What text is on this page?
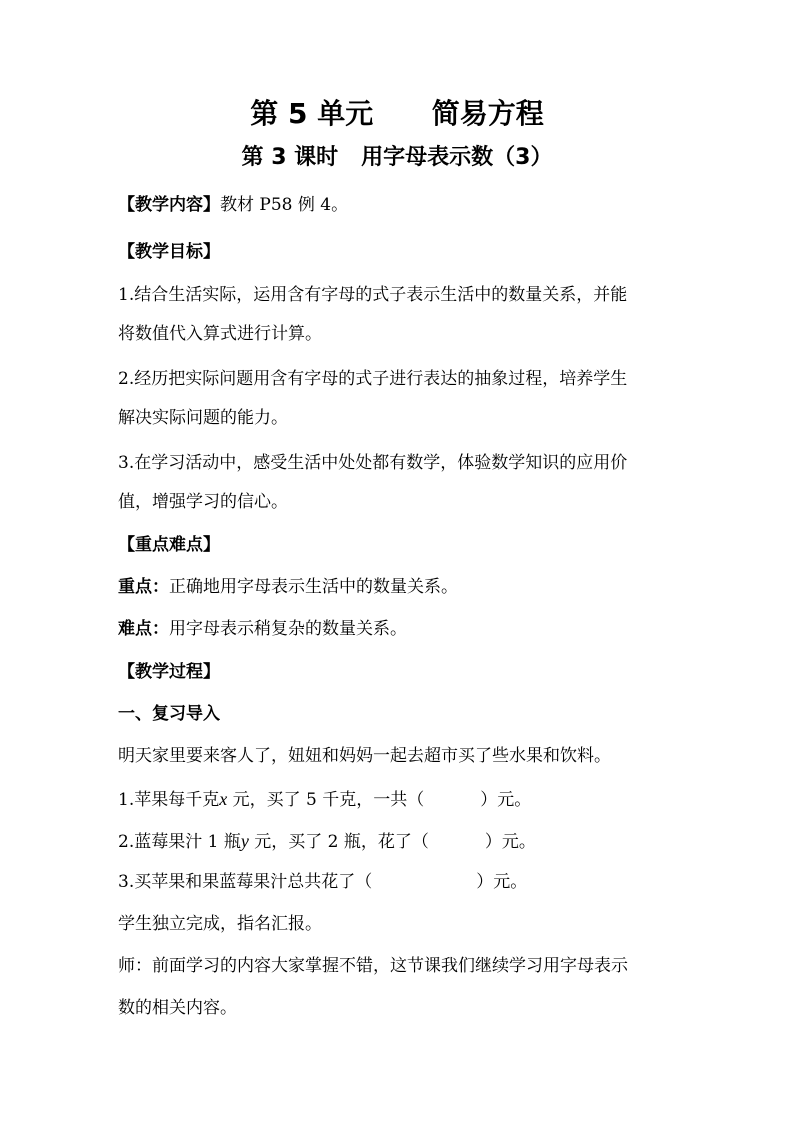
第 5 单元      简易方程
第 3 课时   用字母表示数（3）
【教学内容】教材 P58 例 4。
【教学目标】
1.结合生活实际，运用含有字母的式子表示生活中的数量关系，并能
将数值代入算式进行计算。
2.经历把实际问题用含有字母的式子进行表达的抽象过程，培养学生
解决实际问题的能力。
3.在学习活动中，感受生活中处处都有数学，体验数学知识的应用价
值，增强学习的信心。
【重点难点】
重点：正确地用字母表示生活中的数量关系。
难点：用字母表示稍复杂的数量关系。
【教学过程】
一、复习导入
明天家里要来客人了，妞妞和妈妈一起去超市买了些水果和饮料。
1.苹果每千克x 元，买了 5 千克，一共（	）元。
2.蓝莓果汁 1 瓶y 元，买了 2 瓶，花了（	）元。
3.买苹果和果蓝莓果汁总共花了（	）元。
学生独立完成，指名汇报。
师：前面学习的内容大家掌握不错，这节课我们继续学习用字母表示
数的相关内容。
